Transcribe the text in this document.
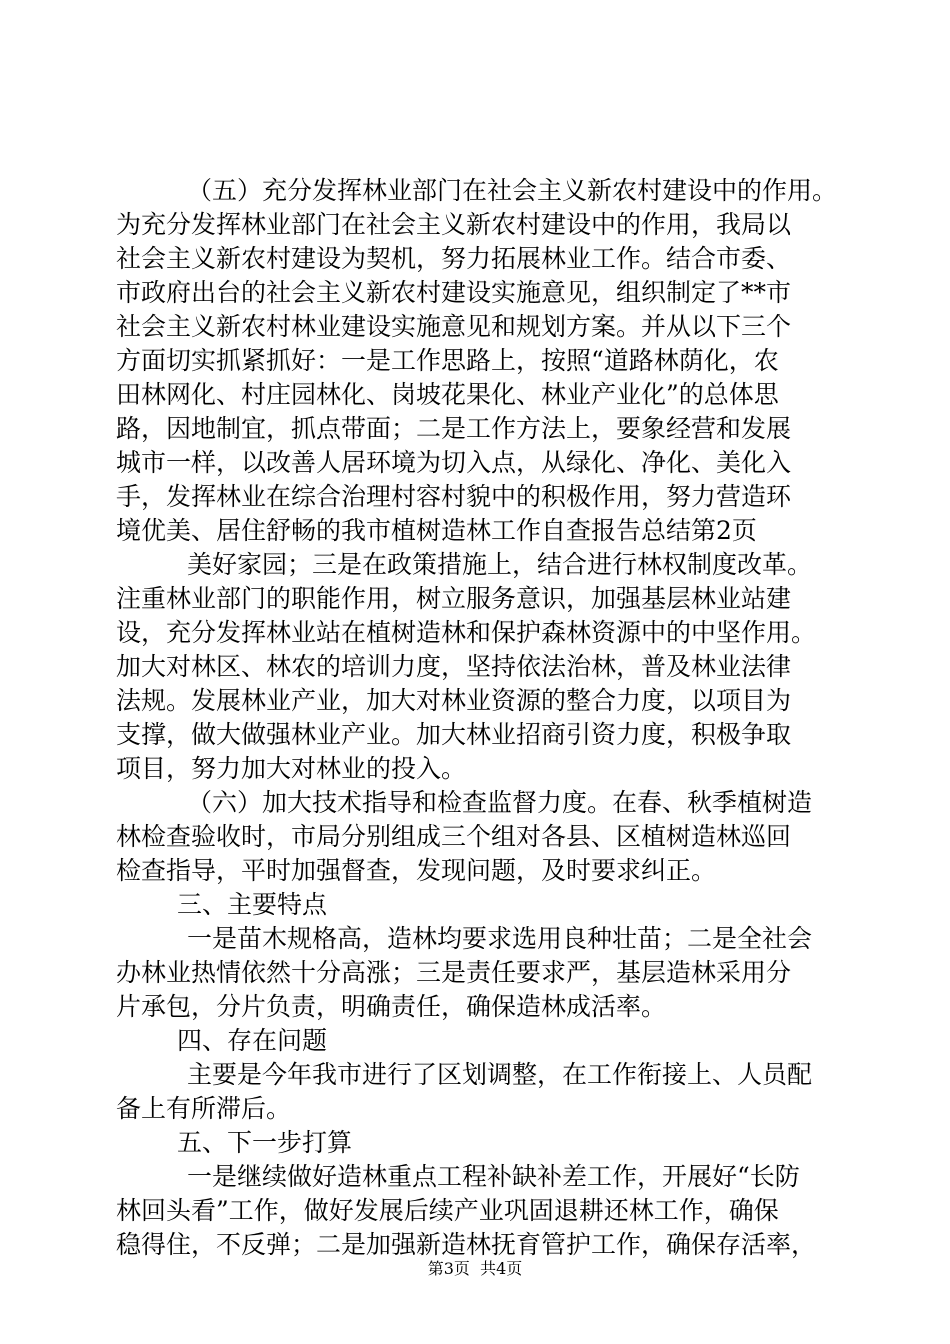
（五）充分发挥林业部门在社会主义新农村建设中的作用。
为充分发挥林业部门在社会主义新农村建设中的作用，我局以
社会主义新农村建设为契机，努力拓展林业工作。结合市委、
市政府出台的社会主义新农村建设实施意见，组织制定了**市
社会主义新农村林业建设实施意见和规划方案。并从以下三个
方面切实抓紧抓好：一是工作思路上，按照“道路林荫化，农
田林网化、村庄园林化、岗坡花果化、林业产业化”的总体思
路，因地制宜，抓点带面；二是工作方法上，要象经营和发展
城市一样，以改善人居环境为切入点，从绿化、净化、美化入
手，发挥林业在综合治理村容村貌中的积极作用，努力营造环
境优美、居住舒畅的我市植树造林工作自查报告总结第2页
美好家园；三是在政策措施上，结合进行林权制度改革。
注重林业部门的职能作用，树立服务意识，加强基层林业站建
设，充分发挥林业站在植树造林和保护森林资源中的中坚作用。
加大对林区、林农的培训力度，坚持依法治林，普及林业法律
法规。发展林业产业，加大对林业资源的整合力度，以项目为
支撑，做大做强林业产业。加大林业招商引资力度，积极争取
项目，努力加大对林业的投入。
（六）加大技术指导和检查监督力度。在春、秋季植树造
林检查验收时，市局分别组成三个组对各县、区植树造林巡回
检查指导，平时加强督查，发现问题，及时要求纠正。
三、主要特点
一是苗木规格高，造林均要求选用良种壮苗；二是全社会
办林业热情依然十分高涨；三是责任要求严，基层造林采用分
片承包，分片负责，明确责任，确保造林成活率。
四、存在问题
主要是今年我市进行了区划调整，在工作衔接上、人员配
备上有所滞后。
五、下一步打算
一是继续做好造林重点工程补缺补差工作，开展好“长防
林回头看”工作，做好发展后续产业巩固退耕还林工作，确保
稳得住，不反弹；二是加强新造林抚育管护工作，确保存活率，
第3页  共4页
